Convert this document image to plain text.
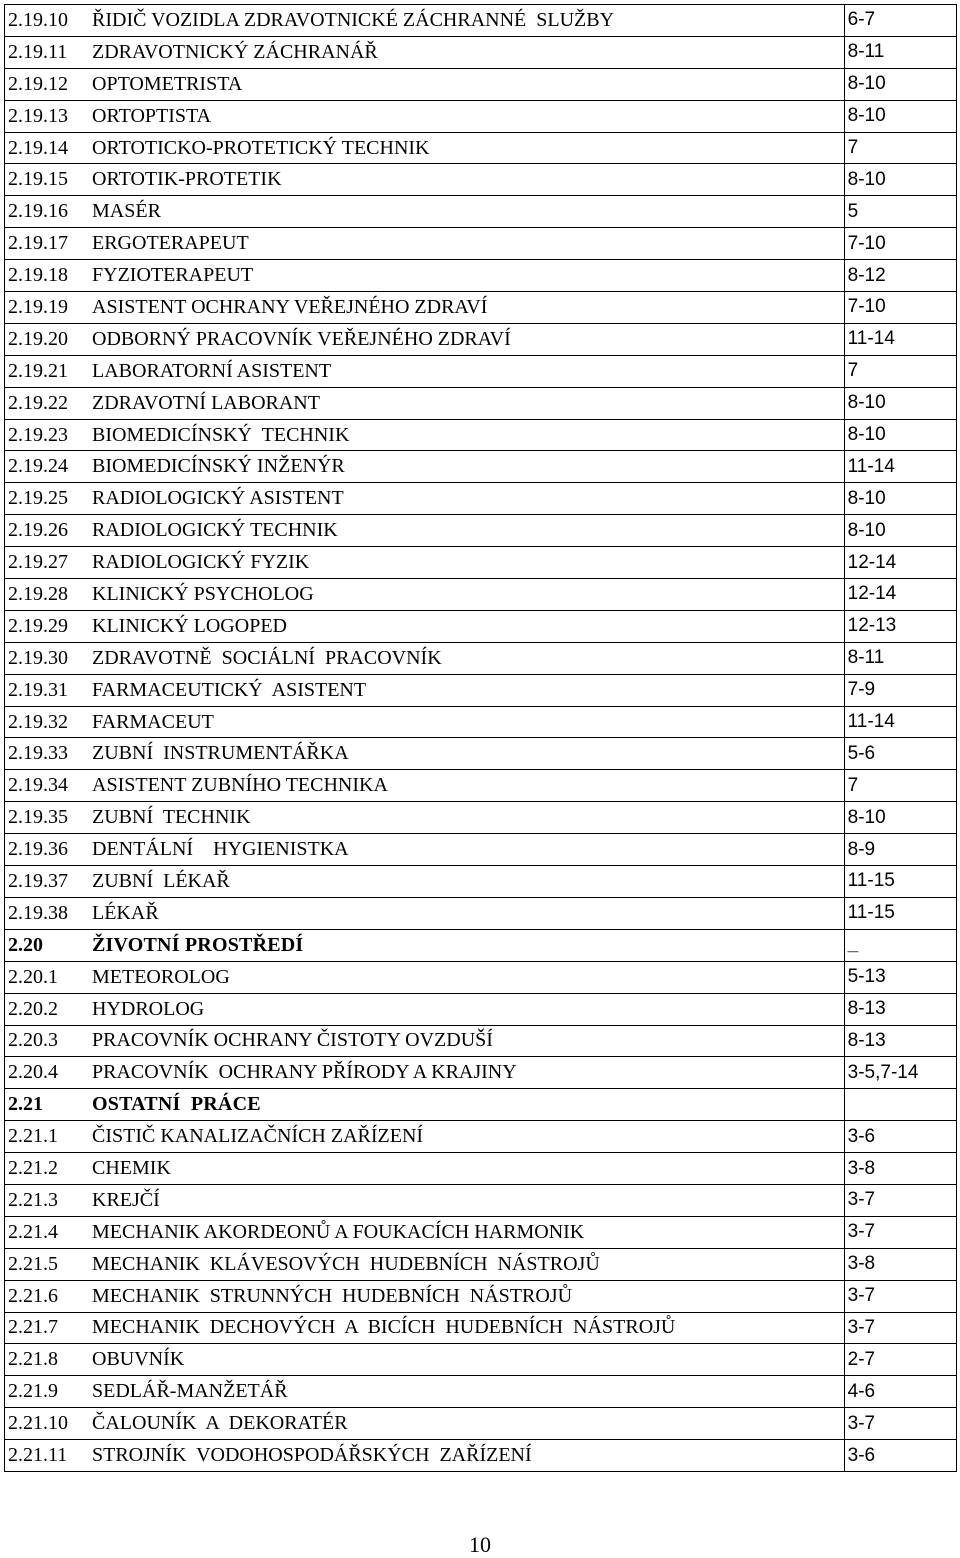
2.19.10 ŘIDIČ VOZIDLA ZDRAVOTNICKÉ ZÁCHRANNÉ  SLUŽBY	6-7
2.19.11 ZDRAVOTNICKÝ ZÁCHRANÁŘ	8-11
2.19.12 OPTOMETRISTA	8-10
2.19.13 ORTOPTISTA	8-10
2.19.14 ORTOTICKO-PROTETICKÝ TECHNIK	7
2.19.15 ORTOTIK-PROTETIK	8-10
2.19.16 MASÉR	5
2.19.17 ERGOTERAPEUT	7-10
2.19.18 FYZIOTERAPEUT	8-12
2.19.19 ASISTENT OCHRANY VEŘEJNÉHO ZDRAVÍ	7-10
2.19.20 ODBORNÝ PRACOVNÍK VEŘEJNÉHO ZDRAVÍ	11-14
2.19.21 LABORATORNÍ ASISTENT	7
2.19.22 ZDRAVOTNÍ LABORANT	8-10
2.19.23 BIOMEDICÍNSKÝ  TECHNIK	8-10
2.19.24 BIOMEDICÍNSKÝ INŽENÝR	11-14
2.19.25 RADIOLOGICKÝ ASISTENT	8-10
2.19.26 RADIOLOGICKÝ TECHNIK	8-10
2.19.27 RADIOLOGICKÝ FYZIK	12-14
2.19.28 KLINICKÝ PSYCHOLOG	12-14
2.19.29 KLINICKÝ LOGOPED	12-13
2.19.30 ZDRAVOTNĚ  SOCIÁLNÍ  PRACOVNÍK	8-11
2.19.31 FARMACEUTICKÝ  ASISTENT	7-9
2.19.32 FARMACEUT	11-14
2.19.33 ZUBNÍ  INSTRUMENTÁŘKA	5-6
2.19.34 ASISTENT ZUBNÍHO TECHNIKA	7
2.19.35 ZUBNÍ  TECHNIK	8-10
2.19.36 DENTÁLNÍ    HYGIENISTKA	8-9
2.19.37 ZUBNÍ  LÉKAŘ	11-15
2.19.38 LÉKAŘ	11-15
2.20 ŽIVOTNÍ PROSTŘEDÍ	_
2.20.1 METEOROLOG	5-13
2.20.2 HYDROLOG	8-13
2.20.3 PRACOVNÍK OCHRANY ČISTOTY OVZDUŠÍ	8-13
2.20.4 PRACOVNÍK  OCHRANY PŘÍRODY A KRAJINY	3-5,7-14
2.21 OSTATNÍ  PRÁCE	
2.21.1 ČISTIČ KANALIZAČNÍCH ZAŘÍZENÍ	3-6
2.21.2 CHEMIK	3-8
2.21.3 KREJČÍ	3-7
2.21.4 MECHANIK AKORDEONŮ A FOUKACÍCH HARMONIK	3-7
2.21.5 MECHANIK  KLÁVESOVÝCH  HUDEBNÍCH  NÁSTROJŮ	3-8
2.21.6 MECHANIK  STRUNNÝCH  HUDEBNÍCH  NÁSTROJŮ	3-7
2.21.7 MECHANIK  DECHOVÝCH  A  BICÍCH  HUDEBNÍCH  NÁSTROJŮ	3-7
2.21.8 OBUVNÍK	2-7
2.21.9 SEDLÁŘ-MANŽETÁŘ	4-6
2.21.10 ČALOUNÍK  A  DEKORATÉR	3-7
2.21.11 STROJNÍK  VODOHOSPODÁŘSKÝCH  ZAŘÍZENÍ	3-6
10
